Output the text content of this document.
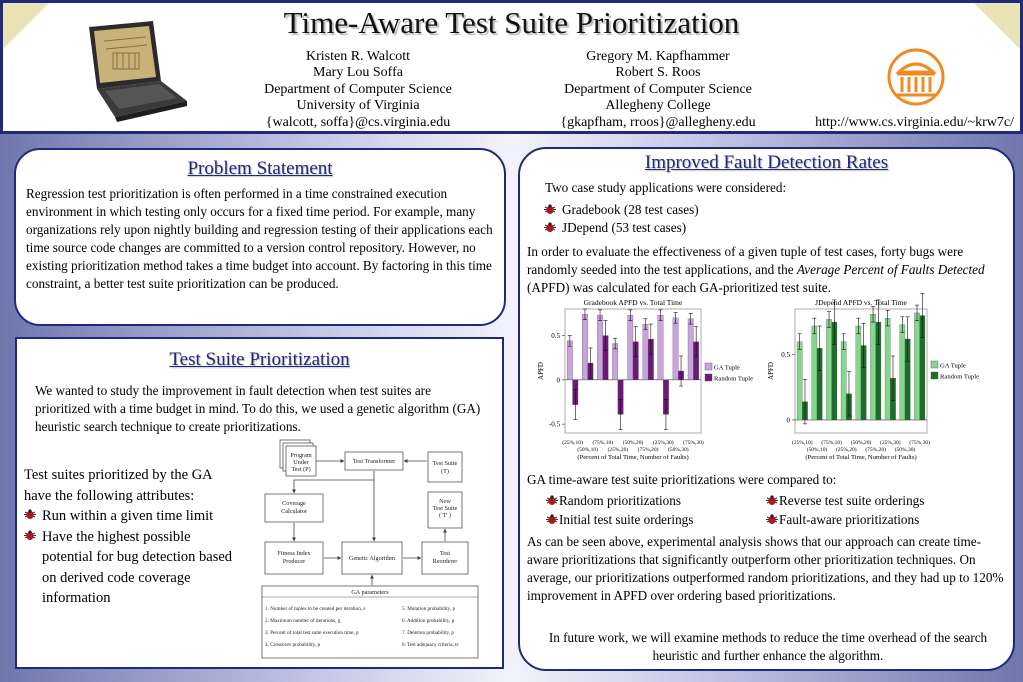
Time-Aware Test Suite Prioritization
Kristen R. Walcott
Mary Lou Soffa
Department of Computer Science
University of Virginia
{walcott, soffa}@cs.virginia.edu
Gregory M. Kapfhammer
Robert S. Roos
Department of Computer Science
Allegheny College
{gkapfham, rroos}@allegheny.edu	http://www.cs.virginia.edu/~krw7c/
Problem Statement
Regression test prioritization is often performed in a time constrained execution environment in which testing only occurs for a fixed time period. For example, many organizations rely upon nightly building and regression testing of their applications each time source code changes are committed to a version control repository. However, no existing prioritization method takes a time budget into account. By factoring in this time constraint, a better test suite prioritization can be produced.
Test Suite Prioritization
We wanted to study the improvement in fault detection when test suites are prioritized with a time budget in mind. To do this, we used a genetic algorithm (GA) heuristic search technique to create prioritizations.
Test suites prioritized by the GA have the following attributes:
Run within a given time limit
Have the highest possible potential for bug detection based on derived code coverage information
Program Under Test (P)
Test Transformer	Test Suite (T)
Coverage Calculator
New Test Suite ( T' )
Fitness Index Producer	Genetic Algorithm
Test Reorderer
GA parameters
1. Number of tuples to be created per iteration, s
2. Maximum number of iterations, g
3. Percent of total test suite execution time, p
4. Crossover probability, p
5. Mutation probability, p
6. Addition probability, p
7. Deletion probability, p
8. Test adequacy criteria, tc
Improved Fault Detection Rates
Two case study applications were considered:
Gradebook (28 test cases)
JDepend (53 test cases)
In order to evaluate the effectiveness of a given tuple of test cases, forty bugs were randomly seeded into the test applications, and the Average Percent of Faults Detected (APFD) was calculated for each GA-prioritized test suite.
GA time-aware test suite prioritizations were compared to:
Random prioritizations	Reverse test suite orderings
Initial test suite orderings	Fault-aware prioritizations
As can be seen above, experimental analysis shows that our approach can create time-aware prioritizations that significantly outperform other prioritization techniques. On average, our prioritizations outperformed random prioritizations, and they had up to 120% improvement in APFD over ordering based prioritizations.
In future work, we will examine methods to reduce the time overhead of the search heuristic and further enhance the algorithm.
Gradebook APFD vs. Total Time
0.5
0
-0.5
APFD
(25%,10) (75%,10) (50%,20) (25%,30) (75%,30)
(50%,10) (25%,20) (75%,20) (50%,30)
(Percent of Total Time, Number of Faults)
GA Tuple
Random Tuple
JDepend APFD vs. Total Time
0.5
0
APFD
(25%,10) (75%,10) (50%,20) (25%,30) (75%,30)
(50%,10) (25%,20) (75%,20) (50%,30)
(Percent of Total Time, Number of Faults)
GA Tuple
Random Tuple
